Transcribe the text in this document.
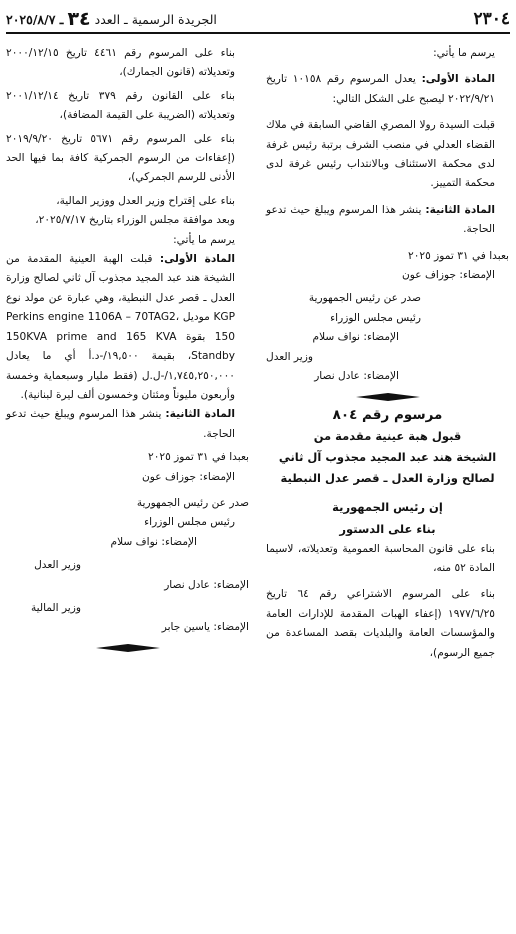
٢٣٠٤
الجريدة الرسمية ـ العدد
٣٤
ـ ٢٠٢٥/٨/٧

يرسم ما يأتي:

المادة الأولى: يعدل المرسوم رقم ١٠١٥٨ تاريخ ٢٠٢٢/٩/٢١ ليصبح على الشكل التالي:

قبلت السيدة رولا المصري القاضي السابقة في ملاك القضاء العدلي في منصب الشرف برتبة رئيس غرفة لدى محكمة الاستئناف وبالانتداب رئيس غرفة لدى محكمة التمييز.

المادة الثانية: ينشر هذا المرسوم ويبلغ حيث تدعو الحاجة.

بعبدا في ٣١ تموز ٢٠٢٥

الإمضاء: جوزاف عون

صدر عن رئيس الجمهورية

رئيس مجلس الوزراء

الإمضاء: نواف سلام

وزير العدل

الإمضاء: عادل نصار

مرسوم رقم ٨٠٤

قبول هبة عينية مقدمة من

الشيخة هند عبد المجيد مجذوب آل ثاني

لصالح وزارة العدل ـ قصر عدل النبطية

إن رئيس الجمهورية

بناء على الدستور

بناء على قانون المحاسبة العمومية وتعديلاته، لاسيما المادة ٥٢ منه،

بناء على المرسوم الاشتراعي رقم ٦٤ تاريخ ١٩٧٧/٦/٢٥ (إعفاء الهبات المقدمة للإدارات العامة والمؤسسات العامة والبلديات بقصد المساعدة من جميع الرسوم)،

بناء على المرسوم رقم ٤٤٦١ تاريخ ٢٠٠٠/١٢/١٥ وتعديلاته (قانون الجمارك)،

بناء على القانون رقم ٣٧٩ تاريخ ٢٠٠١/١٢/١٤ وتعديلاته (الضريبة على القيمة المضافة)،

بناء على المرسوم رقم ٥٦٧١ تاريخ ٢٠١٩/٩/٢٠ (إعفاءات من الرسوم الجمركية كافة بما فيها الحد الأدنى للرسم الجمركي)،

بناء على إقتراح وزير العدل ووزير المالية،

وبعد موافقة مجلس الوزراء بتاريخ ٢٠٢٥/٧/١٧،

يرسم ما يأتي:

المادة الأولى: قبلت الهبة العينية المقدمة من الشيخة هند عبد المجيد مجذوب آل ثاني لصالح وزارة العدل ـ قصر عدل النبطية، وهي عبارة عن مولد نوع KGP موديل Perkins engine 1106A – 70TAG2، 150 بقوة 150KVA prime and 165 KVA Standby، بقيمة ١٩,٥٠٠/-د.أ أي ما يعادل ١,٧٤٥,٢٥٠,٠٠٠/-ل.ل (فقط مليار وسبعماية وخمسة وأربعون مليوناً ومئتان وخمسون ألف ليرة لبنانية).

المادة الثانية: ينشر هذا المرسوم ويبلغ حيث تدعو الحاجة.

بعبدا في ٣١ تموز ٢٠٢٥

الإمضاء: جوزاف عون

صدر عن رئيس الجمهورية

رئيس مجلس الوزراء

الإمضاء: نواف سلام

وزير العدل

الإمضاء: عادل نصار

وزير المالية

الإمضاء: ياسين جابر
